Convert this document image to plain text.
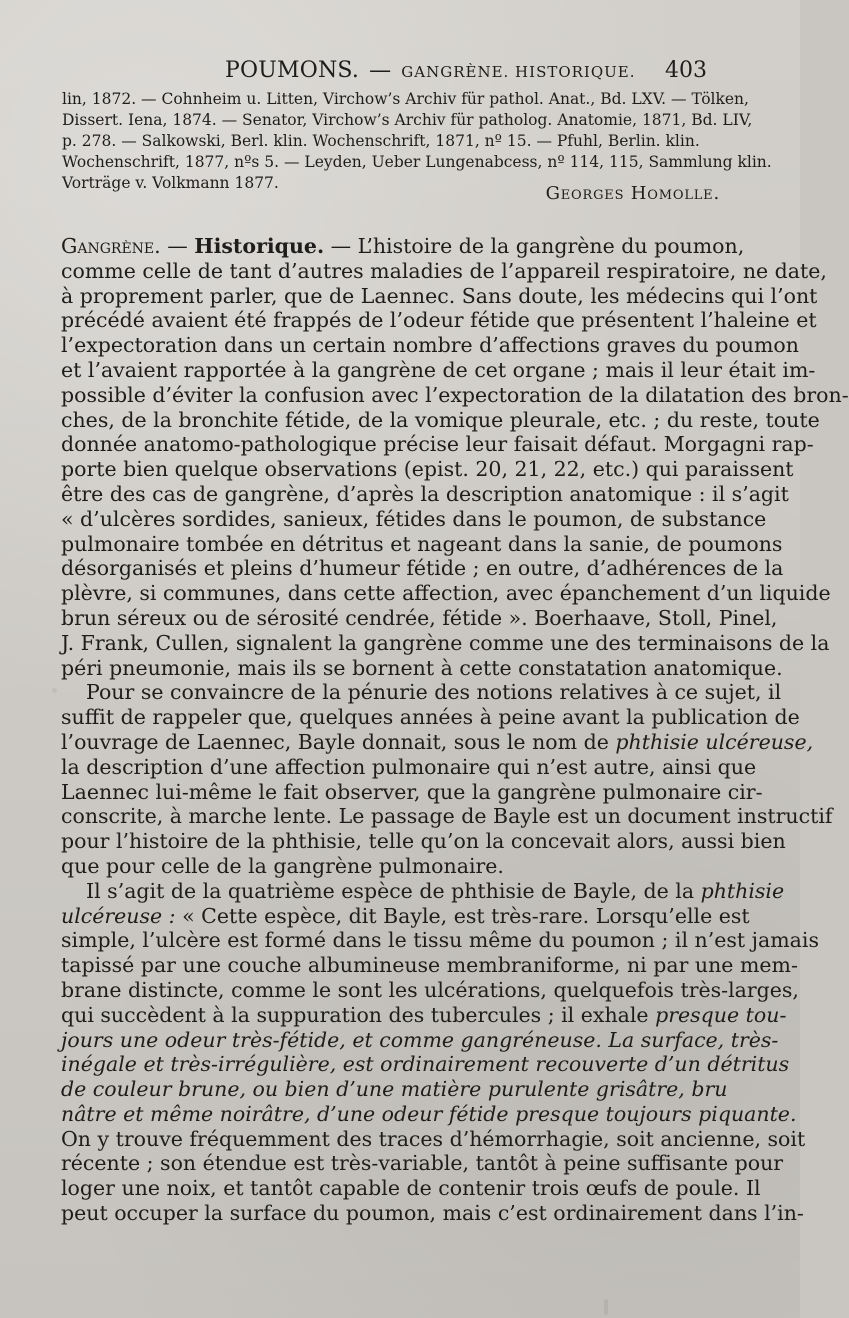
POUMONS. — GANGRÈNE. HISTORIQUE. 403
lin, 1872. — Cohnheim u. Litten, Virchow’s Archiv für pathol. Anat., Bd. LXV. — Tölken,
Dissert. Iena, 1874. — Senator, Virchow’s Archiv für patholog. Anatomie, 1871, Bd. LIV,
p. 278. — Salkowski, Berl. klin. Wochenschrift, 1871, nº 15. — Pfuhl, Berlin. klin.
Wochenschrift, 1877, nºs 5. — Leyden, Ueber Lungenabcess, nº 114, 115, Sammlung klin.
Vorträge v. Volkmann 1877.	Georges Homolle.
Gangrène. — Historique. — L’histoire de la gangrène du poumon,
comme celle de tant d’autres maladies de l’appareil respiratoire, ne date,
à proprement parler, que de Laennec. Sans doute, les médecins qui l’ont
précédé avaient été frappés de l’odeur fétide que présentent l’haleine et
l’expectoration dans un certain nombre d’affections graves du poumon
et l’avaient rapportée à la gangrène de cet organe ; mais il leur était im-
possible d’éviter la confusion avec l’expectoration de la dilatation des bron-
ches, de la bronchite fétide, de la vomique pleurale, etc. ; du reste, toute
donnée anatomo-pathologique précise leur faisait défaut. Morgagni rap-
porte bien quelque observations (epist. 20, 21, 22, etc.) qui paraissent
être des cas de gangrène, d’après la description anatomique : il s’agit
« d’ulcères sordides, sanieux, fétides dans le poumon, de substance
pulmonaire tombée en détritus et nageant dans la sanie, de poumons
désorganisés et pleins d’humeur fétide ; en outre, d’adhérences de la
plèvre, si communes, dans cette affection, avec épanchement d’un liquide
brun séreux ou de sérosité cendrée, fétide ». Boerhaave, Stoll, Pinel,
J. Frank, Cullen, signalent la gangrène comme une des terminaisons de la
péri pneumonie, mais ils se bornent à cette constatation anatomique.
Pour se convaincre de la pénurie des notions relatives à ce sujet, il
suffit de rappeler que, quelques années à peine avant la publication de
l’ouvrage de Laennec, Bayle donnait, sous le nom de phthisie ulcéreuse,
la description d’une affection pulmonaire qui n’est autre, ainsi que
Laennec lui-même le fait observer, que la gangrène pulmonaire cir-
conscrite, à marche lente. Le passage de Bayle est un document instructif
pour l’histoire de la phthisie, telle qu’on la concevait alors, aussi bien
que pour celle de la gangrène pulmonaire.
Il s’agit de la quatrième espèce de phthisie de Bayle, de la phthisie
ulcéreuse : « Cette espèce, dit Bayle, est très-rare. Lorsqu’elle est
simple, l’ulcère est formé dans le tissu même du poumon ; il n’est jamais
tapissé par une couche albumineuse membraniforme, ni par une mem-
brane distincte, comme le sont les ulcérations, quelquefois très-larges,
qui succèdent à la suppuration des tubercules ; il exhale presque tou-
jours une odeur très-fétide, et comme gangréneuse. La surface, très-
inégale et très-irrégulière, est ordinairement recouverte d’un détritus
de couleur brune, ou bien d’une matière purulente grisâtre, bru
nâtre et même noirâtre, d’une odeur fétide presque toujours piquante.
On y trouve fréquemment des traces d’hémorrhagie, soit ancienne, soit
récente ; son étendue est très-variable, tantôt à peine suffisante pour
loger une noix, et tantôt capable de contenir trois œufs de poule. Il
peut occuper la surface du poumon, mais c’est ordinairement dans l’in-
